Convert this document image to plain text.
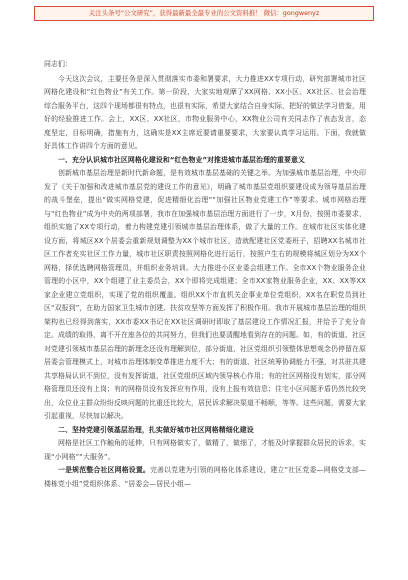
关注头条号“公文研究”，获得最新最全最专业的公文资料推！ 微信：gongwenyz

同志们：

今天这次会议，主要任务是深入贯彻落实市委和署要求，大力推进XX专项行动，研究部署城市社区网格化建设和“红色物业”有关工作。第一阶段，大家实地观摩了XX网格、XX小区、XX社区、社会治理综合服务平台，这四个现场都很有特点，也很有实际，希望大家结合自身实际，把好的做法学习借鉴，用好的经验推进工作。会上，XX区、XX社区，市物业服务中心，XX物业公司有关同志作了表态发言，态度坚定，目标明确，措施有力，这确实是XX主席近要请重要要求，大家要认真学习运用。下面，我就做好具体工作讲四个方面的意见。

一、充分认识城市社区网格化建设和“红色物业”对推进城市基层治理的重要意义

创新城市基层治理是新时代新命题，是有效城市基层基础的关键之举。为加强城市基层治理，中央印发了《关于加强和改进城市基层党的建设工作的意见》，明确了城市基层党组织要建设成为领导基层治理的战斗堡垒，提出“做实网格党建，促进精细化治理”“加强社区物业党建工作”等要求。城市网格治理与“红色物业”成为中央的两项部署，我市在加强城市基层治理方面进行了一步，X月份，按照市委要求，组织实施了XX专项行动，着力构建党建引领城市基层治理体系，做了大量的工作。在城市社区实体化建设方面，将城区XX个居委会重新规划调整为XX个城市社区，造就配建社区党委班子，招聘XX名城市社区工作者充实社区工作力量，城市社区职责按照网格化进行运行，按照户生右的规模将城区划分为XX个网格，择优选聘网格管理员，并组织业务培训。大力推进小区业委会组建工作。全市XX个物业服务企业管理的小区中，XX个组建了业主委员会，XX个即将完成组建；全市XX家物业服务企业，XX、XX等XX家企业建立党组织，实现了党的组织覆盖。组织XX个市直机关企事业单位党组织，XX名在职党员到社区“双报到”，在助力国家卫生城市创建、扶贫攻坚等方面发挥了积极作用。我市开展城市基层治理的组织架构也已经得到落实，XX市委XX书记在XX社区调研时即取了基层建设工作情况汇报，并给予了充分肯定。成绩的取得，离不开在座各位的共同努力，但我们也要清醒地看到存在的问题。如，有的街道、社区对党建引领城市基层治理的新理念还没有理解到位，部分街道、社区党组织引领整体思想观念仍停留在原居委会管理模式上，对城市治理体制变革推进力度不大；有的街道、社区统筹协调能力不强，对共驻共建共享格局认识不到位，没有发挥街道、社区党组织区域内领导核心作用；有的社区网格没有划实，部分网格管理员还没有上岗；有的网格员没有发挥应有作用，没有上报有效信息；住宅小区问题矛盾仍然比较突出，众位业主群众纷纷反映问题的比重还比较大，居民诉求解决渠道不畅顺，等等。这些问题，需要大家引起重视，尽快加以解决。

二、坚持党建引领基层治理，扎实做好城市社区网格精细化建设

网格是社区工作触角的延伸，只有网格做实了，做精了，做细了，才能及时掌握群众居民的诉求，实现“小网格”“大服务”。

一是规范整合社区网格设置。完善以党建为引领的网格化体系建设，建立“社区党委—网格党支部—楼栋党小组”党组织体系、“居委会—居民小组—
